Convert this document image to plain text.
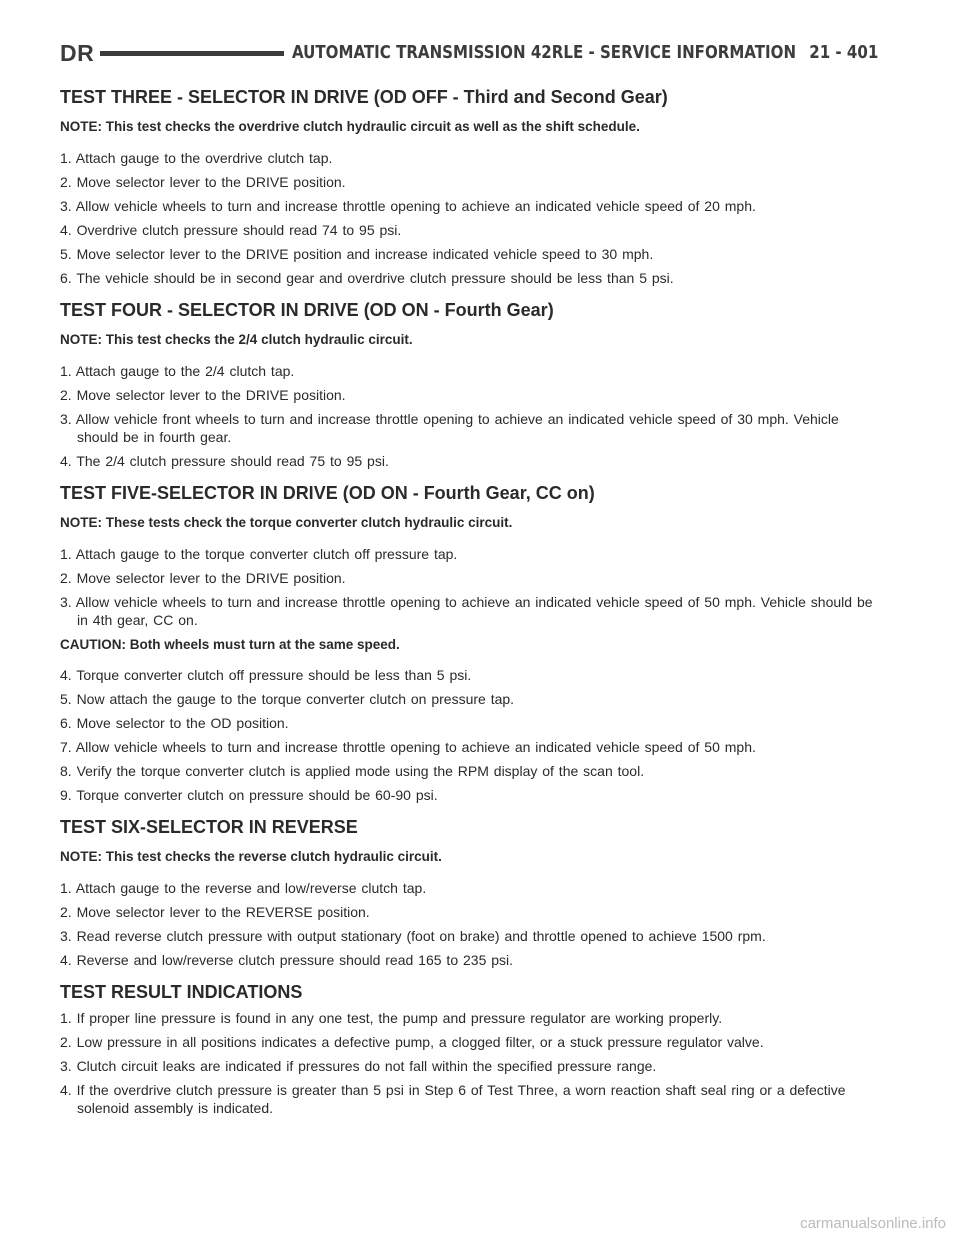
DR	AUTOMATIC TRANSMISSION 42RLE - SERVICE INFORMATION 21 - 401
TEST THREE - SELECTOR IN DRIVE (OD OFF - Third and Second Gear)
NOTE: This test checks the overdrive clutch hydraulic circuit as well as the shift schedule.
1. Attach gauge to the overdrive clutch tap.
2. Move selector lever to the DRIVE position.
3. Allow vehicle wheels to turn and increase throttle opening to achieve an indicated vehicle speed of 20 mph.
4. Overdrive clutch pressure should read 74 to 95 psi.
5. Move selector lever to the DRIVE position and increase indicated vehicle speed to 30 mph.
6. The vehicle should be in second gear and overdrive clutch pressure should be less than 5 psi.
TEST FOUR - SELECTOR IN DRIVE (OD ON - Fourth Gear)
NOTE: This test checks the 2/4 clutch hydraulic circuit.
1. Attach gauge to the 2/4 clutch tap.
2. Move selector lever to the DRIVE position.
3. Allow vehicle front wheels to turn and increase throttle opening to achieve an indicated vehicle speed of 30 mph. Vehicle should be in fourth gear.
4. The 2/4 clutch pressure should read 75 to 95 psi.
TEST FIVE-SELECTOR IN DRIVE (OD ON - Fourth Gear, CC on)
NOTE: These tests check the torque converter clutch hydraulic circuit.
1. Attach gauge to the torque converter clutch off pressure tap.
2. Move selector lever to the DRIVE position.
3. Allow vehicle wheels to turn and increase throttle opening to achieve an indicated vehicle speed of 50 mph. Vehicle should be in 4th gear, CC on.
CAUTION: Both wheels must turn at the same speed.
4. Torque converter clutch off pressure should be less than 5 psi.
5. Now attach the gauge to the torque converter clutch on pressure tap.
6. Move selector to the OD position.
7. Allow vehicle wheels to turn and increase throttle opening to achieve an indicated vehicle speed of 50 mph.
8. Verify the torque converter clutch is applied mode using the RPM display of the scan tool.
9. Torque converter clutch on pressure should be 60-90 psi.
TEST SIX-SELECTOR IN REVERSE
NOTE: This test checks the reverse clutch hydraulic circuit.
1. Attach gauge to the reverse and low/reverse clutch tap.
2. Move selector lever to the REVERSE position.
3. Read reverse clutch pressure with output stationary (foot on brake) and throttle opened to achieve 1500 rpm.
4. Reverse and low/reverse clutch pressure should read 165 to 235 psi.
TEST RESULT INDICATIONS
1. If proper line pressure is found in any one test, the pump and pressure regulator are working properly.
2. Low pressure in all positions indicates a defective pump, a clogged filter, or a stuck pressure regulator valve.
3. Clutch circuit leaks are indicated if pressures do not fall within the specified pressure range.
4. If the overdrive clutch pressure is greater than 5 psi in Step 6 of Test Three, a worn reaction shaft seal ring or a defective solenoid assembly is indicated.
carmanualsonline.info
